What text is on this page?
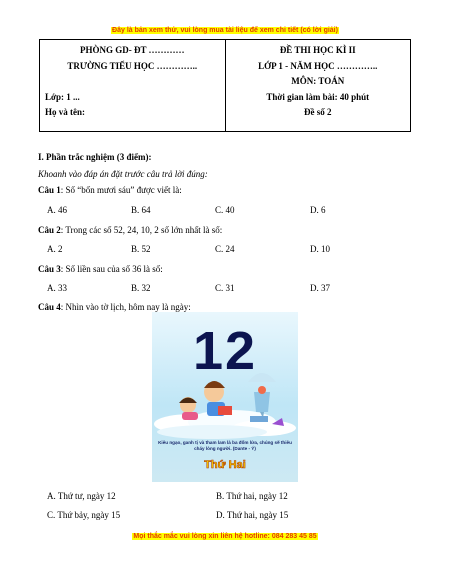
Đây là bản xem thử, vui lòng mua tài liệu để xem chi tiết (có lời giải)
PHÒNG GD- ĐT …………
TRƯỜNG TIỂU HỌC …………..
Lớp: 1 ...
Họ và tên:

ĐỀ THI HỌC KÌ II
LỚP 1 - NĂM HỌC …………..
MÔN: TOÁN
Thời gian làm bài: 40 phút
Đề số 2
I. Phần trắc nghiệm (3 điểm):
Khoanh vào đáp án đặt trước câu trả lời đúng:
Câu 1: Số “bốn mươi sáu” được viết là:
A. 46	B. 64	C. 40	D. 6
Câu 2: Trong các số 52, 24, 10, 2 số lớn nhất là số:
A. 2	B. 52	C. 24	D. 10
Câu 3: Số liền sau của số 36 là số:
A. 33	B. 32	C. 31	D. 37
Câu 4: Nhìn vào tờ lịch, hôm nay là ngày:
A. Thứ tư, ngày 12	B. Thứ hai, ngày 12
C. Thứ bảy, ngày 15	D. Thứ hai, ngày 15
12
Kiêu ngạo, ganh tị và tham lam là ba đốm lửa, chúng sẽ thiêu cháy lòng người. (Dante - Ý)
Thứ Hai
Mọi thắc mắc vui lòng xin liên hệ hotline: 084 283 45 85
